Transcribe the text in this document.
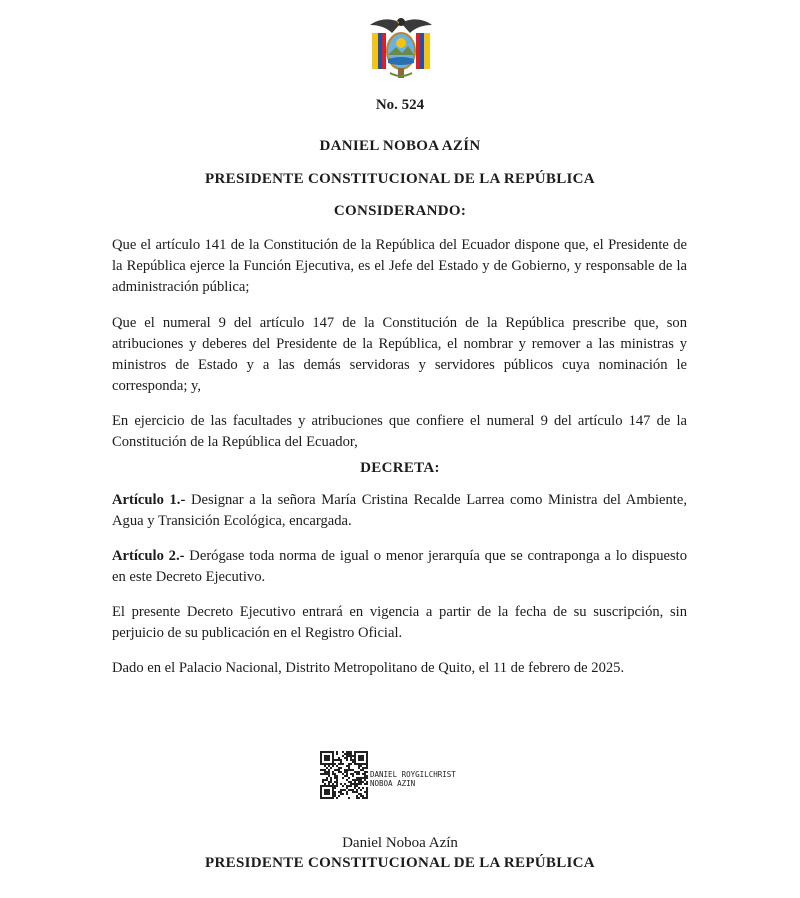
No. 524
DANIEL NOBOA AZÍN
PRESIDENTE CONSTITUCIONAL DE LA REPÚBLICA
CONSIDERANDO:

Que el artículo 141 de la Constitución de la República del Ecuador dispone que, el Presidente de la República ejerce la Función Ejecutiva, es el Jefe del Estado y de Gobierno, y responsable de la administración pública;

Que el numeral 9 del artículo 147 de la Constitución de la República prescribe que, son atribuciones y deberes del Presidente de la República, el nombrar y remover a las ministras y ministros de Estado y a las demás servidoras y servidores públicos cuya nominación le corresponda; y,

En ejercicio de las facultades y atribuciones que confiere el numeral 9 del artículo 147 de la Constitución de la República del Ecuador,

DECRETA:

Artículo 1.- Designar a la señora María Cristina Recalde Larrea como Ministra del Ambiente, Agua y Transición Ecológica, encargada.

Artículo 2.- Derógase toda norma de igual o menor jerarquía que se contraponga a lo dispuesto en este Decreto Ejecutivo.

El presente Decreto Ejecutivo entrará en vigencia a partir de la fecha de su suscripción, sin perjuicio de su publicación en el Registro Oficial.

Dado en el Palacio Nacional, Distrito Metropolitano de Quito, el 11 de febrero de 2025.

DANIEL ROYGILCHRIST
NOBOA AZIN
Daniel Noboa Azín
PRESIDENTE CONSTITUCIONAL DE LA REPÚBLICA
